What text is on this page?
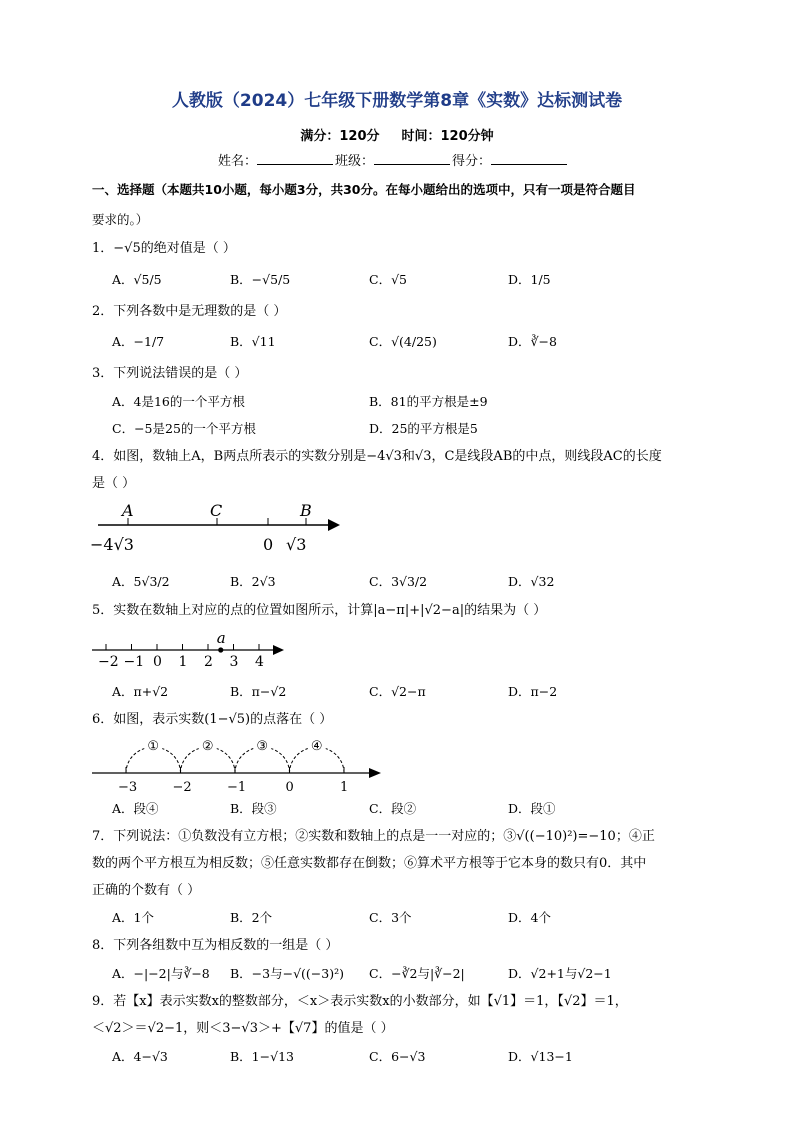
人教版（2024）七年级下册数学第8章《实数》达标测试卷
满分：120分 时间：120分钟
姓名：	班级：	得分：
一、选择题（本题共10小题，每小题3分，共30分。在每小题给出的选项中，只有一项是符合题目
要求的。）
1．−√5的绝对值是（ ）
A．√5/5	B．−√5/5	C．√5	D．1/5
2．下列各数中是无理数的是（ ）
A．−1/7	B．√11	C．√(4/25)	D．∛−8
3．下列说法错误的是（ ）
A．4是16的一个平方根	B．81的平方根是±9
C．−5是25的一个平方根	D．25的平方根是5
4．如图，数轴上A，B两点所表示的实数分别是−4√3和√3，C是线段AB的中点，则线段AC的长度
是（ ）
A	C	B
−4√3	0 √3
A．5√3/2	B．2√3	C．3√3/2	D．√32
5．实数在数轴上对应的点的位置如图所示，计算|a−π|+|√2−a|的结果为（ ）
−2 −1 0 1 2 3 4
a
A．π+√2	B．π−√2	C．√2−π	D．π−2
6．如图，表示实数(1−√5)的点落在（ ）
①	②	③	④
−3	−2	−1	0	1
A．段④	B．段③	C．段②	D．段①
7．下列说法：①负数没有立方根；②实数和数轴上的点是一一对应的；③√((−10)²)=−10；④正
数的两个平方根互为相反数；⑤任意实数都存在倒数；⑥算术平方根等于它本身的数只有0．其中
正确的个数有（ ）
A．1个	B．2个	C．3个	D．4个
8．下列各组数中互为相反数的一组是（ ）
A．−|−2|与∛−8 B．−3与−√((−3)²) C．−∛2与|∛−2|	D．√2+1与√2−1
9．若【x】表示实数x的整数部分，＜x＞表示实数x的小数部分，如【√1】＝1，【√2】＝1，
＜√2＞＝√2−1，则＜3−√3＞+【√7】的值是（ ）
A．4−√3	B．1−√13	C．6−√3	D．√13−1
